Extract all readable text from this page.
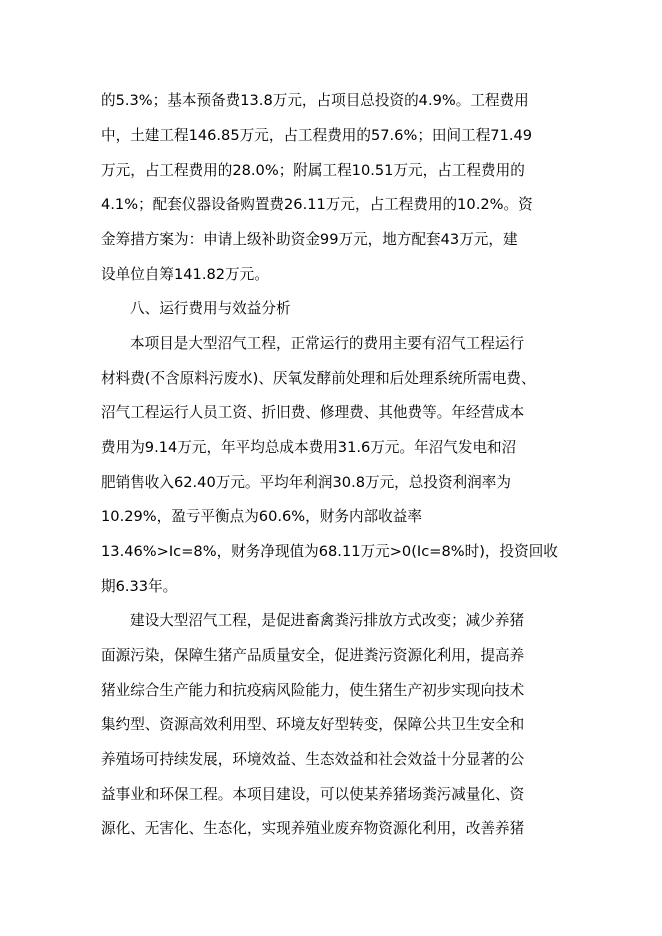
的5.3%；基本预备费13.8万元，占项目总投资的4.9%。工程费用
中，土建工程146.85万元，占工程费用的57.6%；田间工程71.49
万元，占工程费用的28.0%；附属工程10.51万元，占工程费用的
4.1%；配套仪器设备购置费26.11万元，占工程费用的10.2%。资
金筹措方案为：申请上级补助资金99万元，地方配套43万元，建
设单位自筹141.82万元。
八、运行费用与效益分析
本项目是大型沼气工程，正常运行的费用主要有沼气工程运行
材料费(不含原料污废水)、厌氧发酵前处理和后处理系统所需电费、
沼气工程运行人员工资、折旧费、修理费、其他费等。年经营成本
费用为9.14万元，年平均总成本费用31.6万元。年沼气发电和沼
肥销售收入62.40万元。平均年利润30.8万元，总投资利润率为
10.29%，盈亏平衡点为60.6%，财务内部收益率
13.46%>Ic=8%，财务净现值为68.11万元>0(Ic=8%时)，投资回收
期6.33年。
建设大型沼气工程，是促进畜禽粪污排放方式改变；减少养猪
面源污染，保障生猪产品质量安全，促进粪污资源化利用，提高养
猪业综合生产能力和抗疫病风险能力，使生猪生产初步实现向技术
集约型、资源高效利用型、环境友好型转变，保障公共卫生安全和
养殖场可持续发展，环境效益、生态效益和社会效益十分显著的公
益事业和环保工程。本项目建设，可以使某养猪场粪污减量化、资
源化、无害化、生态化，实现养殖业废弃物资源化利用，改善养猪
